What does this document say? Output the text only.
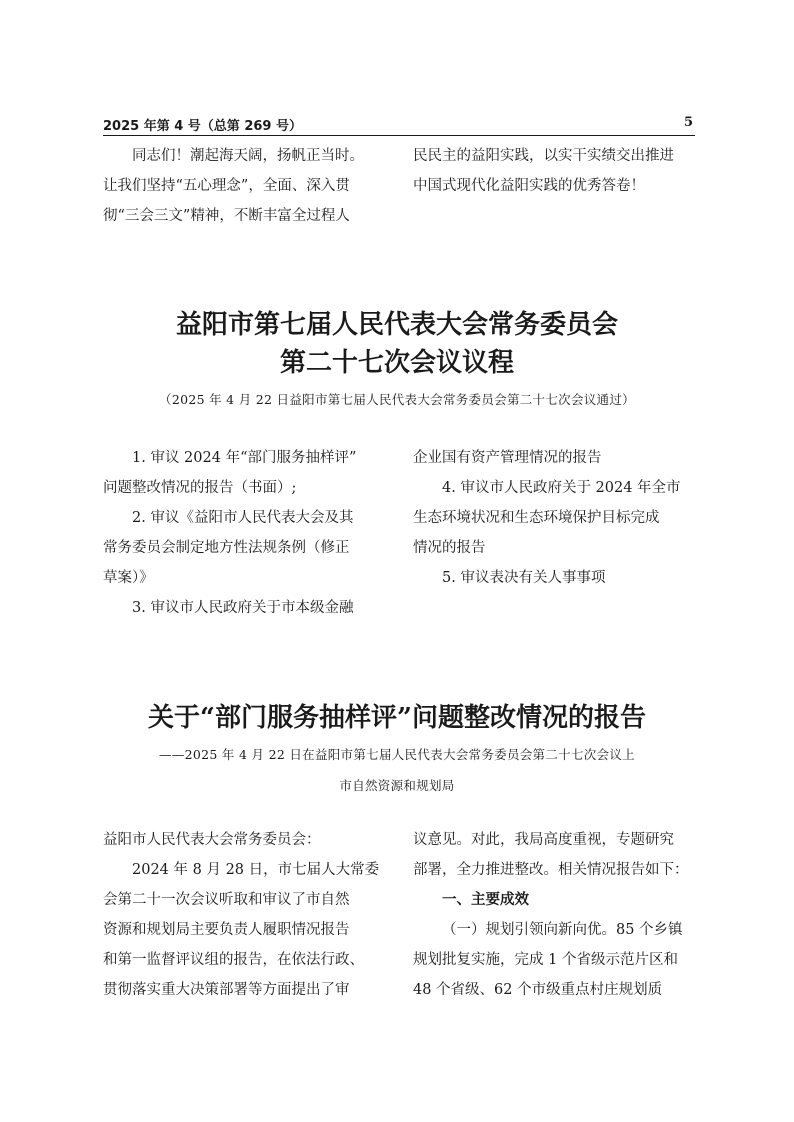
2025 年第 4 号（总第 269 号）	5

同志们！潮起海天阔，扬帆正当时。

让我们坚持“五心理念”，全面、深入贯

彻“三会三文”精神，不断丰富全过程人

民民主的益阳实践，以实干实绩交出推进

中国式现代化益阳实践的优秀答卷！

益阳市第七届人民代表大会常务委员会
第二十七次会议议程
（2025 年 4 月 22 日益阳市第七届人民代表大会常务委员会第二十七次会议通过）

1. 审议 2024 年“部门服务抽样评”

问题整改情况的报告（书面）;

2. 审议《益阳市人民代表大会及其

常务委员会制定地方性法规条例（修正

草案）》

3. 审议市人民政府关于市本级金融

企业国有资产管理情况的报告

4. 审议市人民政府关于 2024 年全市

生态环境状况和生态环境保护目标完成

情况的报告

5. 审议表决有关人事事项

关于“部门服务抽样评”问题整改情况的报告
——2025 年 4 月 22 日在益阳市第七届人民代表大会常务委员会第二十七次会议上
市自然资源和规划局

益阳市人民代表大会常务委员会：

2024 年 8 月 28 日，市七届人大常委

会第二十一次会议听取和审议了市自然

资源和规划局主要负责人履职情况报告

和第一监督评议组的报告，在依法行政、

贯彻落实重大决策部署等方面提出了审

议意见。对此，我局高度重视，专题研究

部署，全力推进整改。相关情况报告如下：

一、主要成效

（一）规划引领向新向优。85 个乡镇

规划批复实施，完成 1 个省级示范片区和

48 个省级、62 个市级重点村庄规划质
